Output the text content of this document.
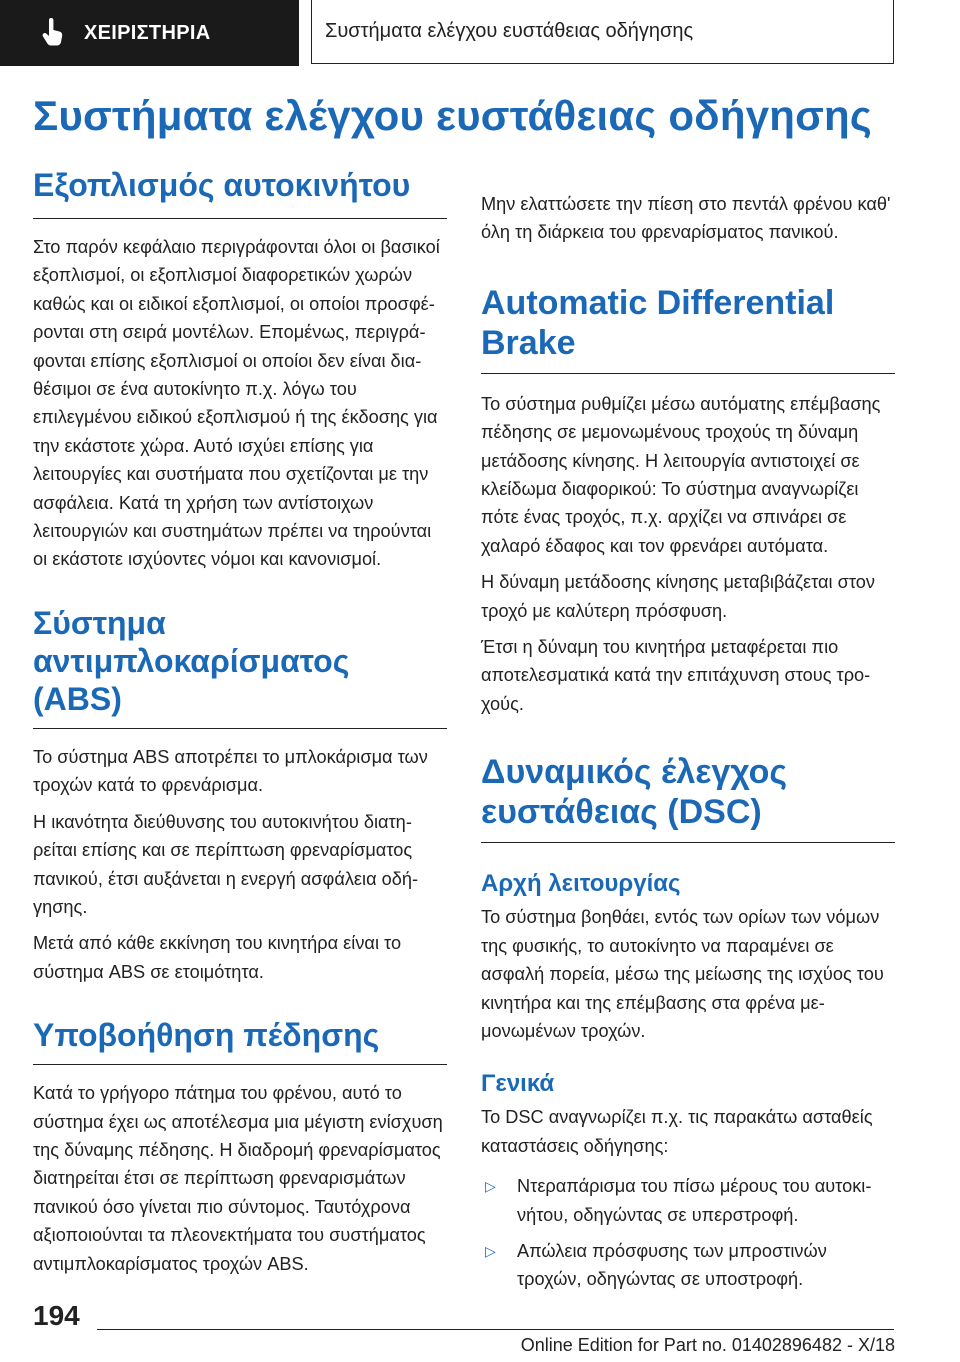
ΧΕΙΡΙΣΤΗΡΙΑ	Συστήματα ελέγχου ευστάθειας οδήγησης
Συστήματα ελέγχου ευστάθειας οδήγησης
Εξοπλισμός αυτοκινήτου

Στο παρόν κεφάλαιο περιγράφονται όλοι οι βασικοί εξοπλισμοί, οι εξοπλισμοί διαφορετικών χωρών καθώς και οι ειδικοί εξοπλισμοί, οι οποίοι προσφέρονται στη σειρά μοντέλων. Επομένως, περιγράφονται επίσης εξοπλισμοί οι οποίοι δεν είναι διαθέσιμοι σε ένα αυτοκίνητο π.χ. λόγω του επιλεγμένου ειδικού εξοπλισμού ή της έκδοσης για την εκάστοτε χώρα. Αυτό ισχύει επίσης για λειτουργίες και συστήματα που σχετίζονται με την ασφάλεια. Κατά τη χρήση των αντίστοιχων λειτουργιών και συστημάτων πρέπει να τηρούνται οι εκάστοτε ισχύοντες νόμοι και κανονισμοί.

Σύστημα αντιμπλοκαρίσματος (ABS)

Το σύστημα ABS αποτρέπει το μπλοκάρισμα των τροχών κατά το φρενάρισμα.

Η ικανότητα διεύθυνσης του αυτοκινήτου διατηρείται επίσης και σε περίπτωση φρεναρίσματος πανικού, έτσι αυξάνεται η ενεργή ασφάλεια οδήγησης.

Μετά από κάθε εκκίνηση του κινητήρα είναι το σύστημα ABS σε ετοιμότητα.

Υποβοήθηση πέδησης

Κατά το γρήγορο πάτημα του φρένου, αυτό το σύστημα έχει ως αποτέλεσμα μια μέγιστη ενίσχυση της δύναμης πέδησης. Η διαδρομή φρεναρίσματος διατηρείται έτσι σε περίπτωση φρεναρισμάτων πανικού όσο γίνεται πιο σύντομος. Ταυτόχρονα αξιοποιούνται τα πλεονεκτήματα του συστήματος αντιμπλοκαρίσματος τροχών ABS.

Μην ελαττώσετε την πίεση στο πεντάλ φρένου καθ' όλη τη διάρκεια του φρεναρίσματος πανικού.

Automatic Differential Brake

Το σύστημα ρυθμίζει μέσω αυτόματης επέμβασης πέδησης σε μεμονωμένους τροχούς τη δύναμη μετάδοσης κίνησης. Η λειτουργία αντιστοιχεί σε κλείδωμα διαφορικού: Το σύστημα αναγνωρίζει πότε ένας τροχός, π.χ. αρχίζει να σπινάρει σε χαλαρό έδαφος και τον φρενάρει αυτόματα.

Η δύναμη μετάδοσης κίνησης μεταβιβάζεται στον τροχό με καλύτερη πρόσφυση.

Έτσι η δύναμη του κινητήρα μεταφέρεται πιο αποτελεσματικά κατά την επιτάχυνση στους τροχούς.

Δυναμικός έλεγχος ευστάθειας (DSC)
Αρχή λειτουργίας

Το σύστημα βοηθάει, εντός των ορίων των νόμων της φυσικής, το αυτοκίνητο να παραμένει σε ασφαλή πορεία, μέσω της μείωσης της ισχύος του κινητήρα και της επέμβασης στα φρένα μεμονωμένων τροχών.

Γενικά

Το DSC αναγνωρίζει π.χ. τις παρακάτω ασταθείς καταστάσεις οδήγησης:

▷	Ντεραπάρισμα του πίσω μέρους του αυτοκινήτου, οδηγώντας σε υπερστροφή.
▷	Απώλεια πρόσφυσης των μπροστινών τροχών, οδηγώντας σε υποστροφή.
194
Online Edition for Part no. 01402896482 - X/18
